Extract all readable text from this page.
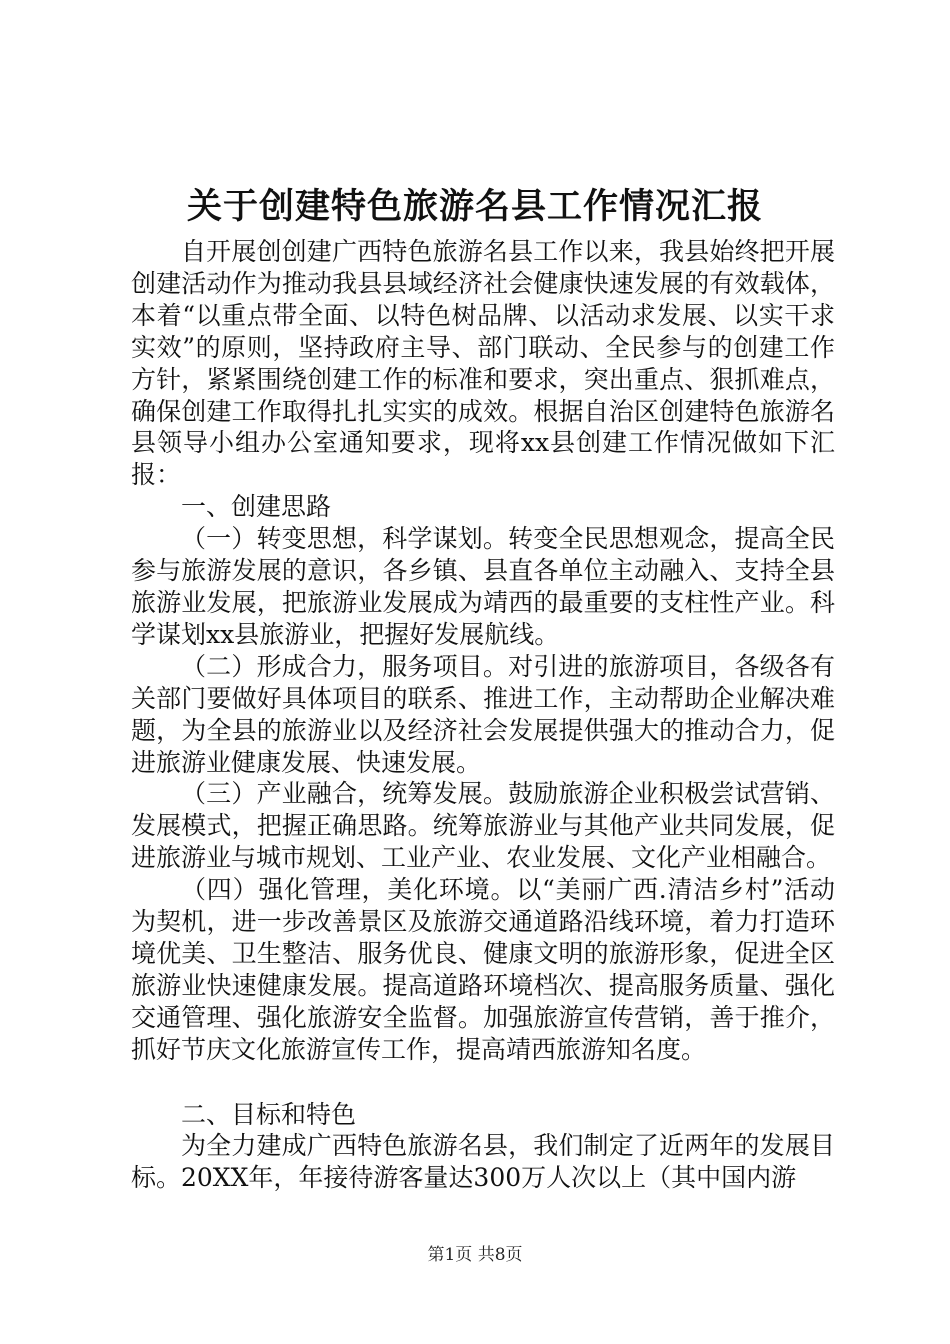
关于创建特色旅游名县工作情况汇报

自开展创创建广西特色旅游名县工作以来，我县始终把开展创建活动作为推动我县县域经济社会健康快速发展的有效载体，本着“以重点带全面、以特色树品牌、以活动求发展、以实干求实效”的原则，坚持政府主导、部门联动、全民参与的创建工作方针，紧紧围绕创建工作的标准和要求，突出重点、狠抓难点，确保创建工作取得扎扎实实的成效。根据自治区创建特色旅游名县领导小组办公室通知要求，现将xx县创建工作情况做如下汇报：

一、创建思路

（一）转变思想，科学谋划。转变全民思想观念，提高全民参与旅游发展的意识，各乡镇、县直各单位主动融入、支持全县旅游业发展，把旅游业发展成为靖西的最重要的支柱性产业。科学谋划xx县旅游业，把握好发展航线。

（二）形成合力，服务项目。对引进的旅游项目，各级各有关部门要做好具体项目的联系、推进工作，主动帮助企业解决难题，为全县的旅游业以及经济社会发展提供强大的推动合力，促进旅游业健康发展、快速发展。

（三）产业融合，统筹发展。鼓励旅游企业积极尝试营销、发展模式，把握正确思路。统筹旅游业与其他产业共同发展，促进旅游业与城市规划、工业产业、农业发展、文化产业相融合。

（四）强化管理，美化环境。以“美丽广西.清洁乡村”活动为契机，进一步改善景区及旅游交通道路沿线环境，着力打造环境优美、卫生整洁、服务优良、健康文明的旅游形象，促进全区旅游业快速健康发展。提高道路环境档次、提高服务质量、强化交通管理、强化旅游安全监督。加强旅游宣传营销，善于推介，抓好节庆文化旅游宣传工作，提高靖西旅游知名度。

二、目标和特色

为全力建成广西特色旅游名县，我们制定了近两年的发展目标。20XX年，年接待游客量达300万人次以上（其中国内游

第1页 共8页
